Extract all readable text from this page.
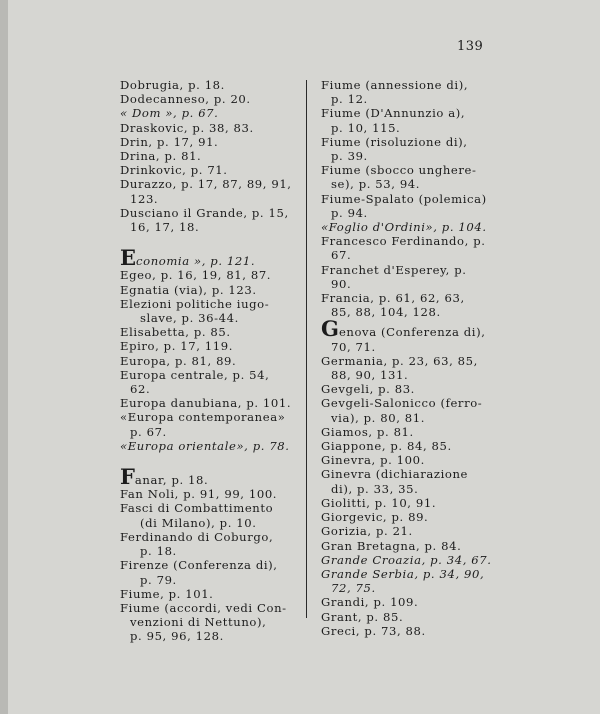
139
Dobrugia, p. 18.
Dodecanneso, p. 20.
« Dom », p. 67.
Draskovic, p. 38, 83.
Drin, p. 17, 91.
Drina, p. 81.
Drinkovic, p. 71.
Durazzo, p. 17, 87, 89, 91,
123.
Dusciano il Grande, p. 15,
16, 17, 18.
Economia », p. 121.
Egeo, p. 16, 19, 81, 87.
Egnatia (via), p. 123.
Elezioni politiche iugo-
slave, p. 36-44.
Elisabetta, p. 85.
Epiro, p. 17, 119.
Europa, p. 81, 89.
Europa centrale, p. 54,
62.
Europa danubiana, p. 101.
«Europa contemporanea»
p. 67.
«Europa orientale», p. 78.
Fanar, p. 18.
Fan Noli, p. 91, 99, 100.
Fasci di Combattimento
(di Milano), p. 10.
Ferdinando di Coburgo,
p. 18.
Firenze (Conferenza di),
p. 79.
Fiume, p. 101.
Fiume (accordi, vedi Con-
venzioni di Nettuno),
p. 95, 96, 128.
Fiume (annessione di),
p. 12.
Fiume (D'Annunzio a),
p. 10, 115.
Fiume (risoluzione di),
p. 39.
Fiume (sbocco unghere-
se), p. 53, 94.
Fiume-Spalato (polemica)
p. 94.
«Foglio d'Ordini», p. 104.
Francesco Ferdinando, p.
67.
Franchet d'Esperey, p.
90.
Francia, p. 61, 62, 63,
85, 88, 104, 128.
Genova (Conferenza di),
70, 71.
Germania, p. 23, 63, 85,
88, 90, 131.
Gevgeli, p. 83.
Gevgeli-Salonicco (ferro-
via), p. 80, 81.
Giamos, p. 81.
Giappone, p. 84, 85.
Ginevra, p. 100.
Ginevra (dichiarazione
di), p. 33, 35.
Giolitti, p. 10, 91.
Giorgevic, p. 89.
Gorizia, p. 21.
Gran Bretagna, p. 84.
Grande Croazia, p. 34, 67.
Grande Serbia, p. 34, 90,
72, 75.
Grandi, p. 109.
Grant, p. 85.
Greci, p. 73, 88.
